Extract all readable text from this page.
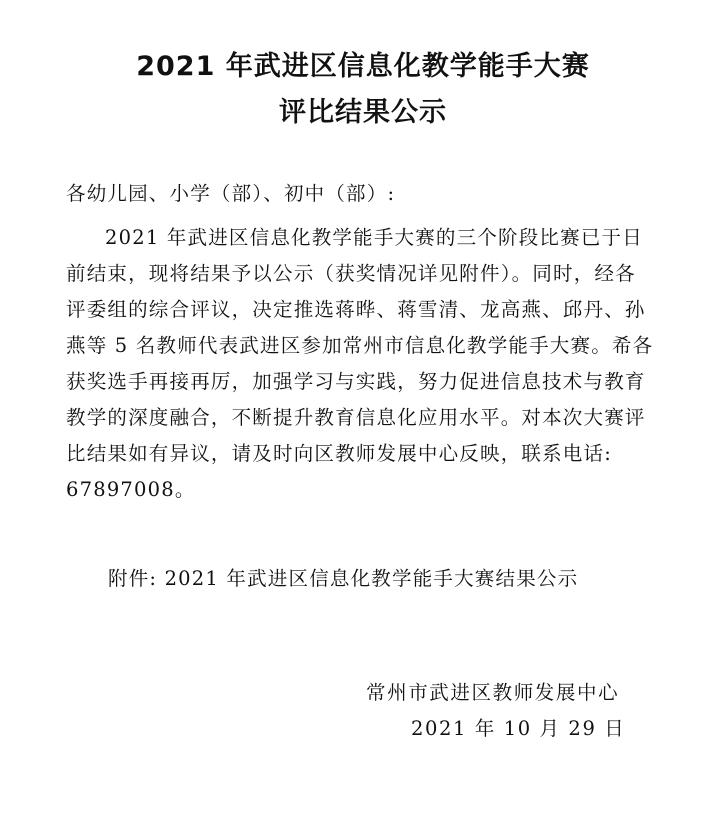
2021 年武进区信息化教学能手大赛
评比结果公示

各幼儿园、小学（部）、初中（部）:

2021 年武进区信息化教学能手大赛的三个阶段比赛已于日

前结束，现将结果予以公示（获奖情况详见附件）。同时，经各

评委组的综合评议，决定推选蒋晔、蒋雪清、龙高燕、邱丹、孙

燕等 5 名教师代表武进区参加常州市信息化教学能手大赛。希各

获奖选手再接再厉，加强学习与实践，努力促进信息技术与教育

教学的深度融合，不断提升教育信息化应用水平。对本次大赛评

比结果如有异议，请及时向区教师发展中心反映，联系电话:

67897008。

附件: 2021 年武进区信息化教学能手大赛结果公示

常州市武进区教师发展中心

2021 年 10 月 29 日
